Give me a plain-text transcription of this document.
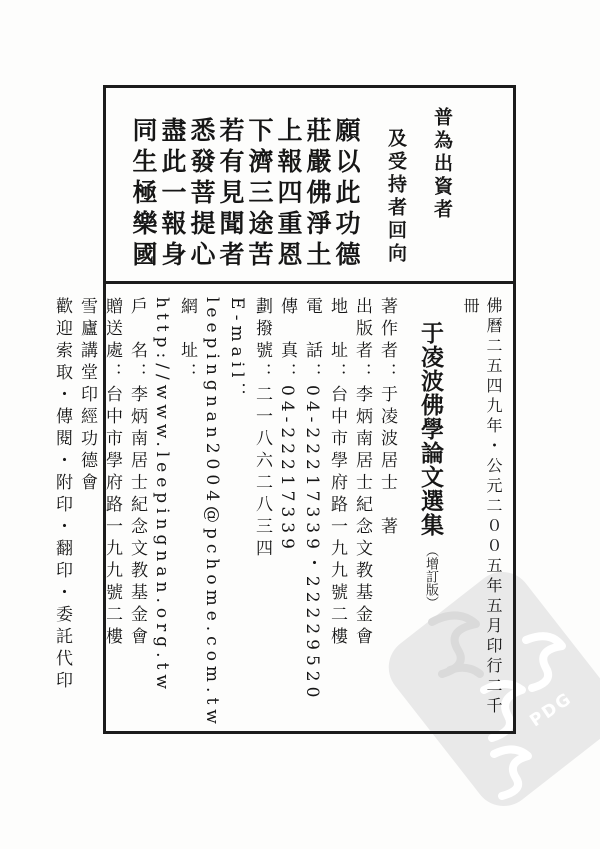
PDG
普為出資者
及受持者回向
願以此功德
莊嚴佛淨土
上報四重恩
下濟三途苦
若有見聞者
悉發菩提心
盡此一報身
同生極樂國
佛曆二五四九年・公元二００五年五月印行二千冊
于凌波佛學論文選集（增訂版）
著作者：于凌波居士　著
出版者：李炳南居士紀念文教基金會
地　址：台中市學府路一九九號二樓
電　話：04-22217339・22229520
傳　真：04-22217339
劃撥號：二一八六二八三四
E-mail：leepingnan2004@pchome.com.tw
網　址：http://www.leepingnan.org.tw
戶　名：李炳南居士紀念文教基金會
贈送處：台中市學府路一九九號二樓
雪廬講堂印經功德會
歡迎索取・傳閱・附印・翻印・委託代印
